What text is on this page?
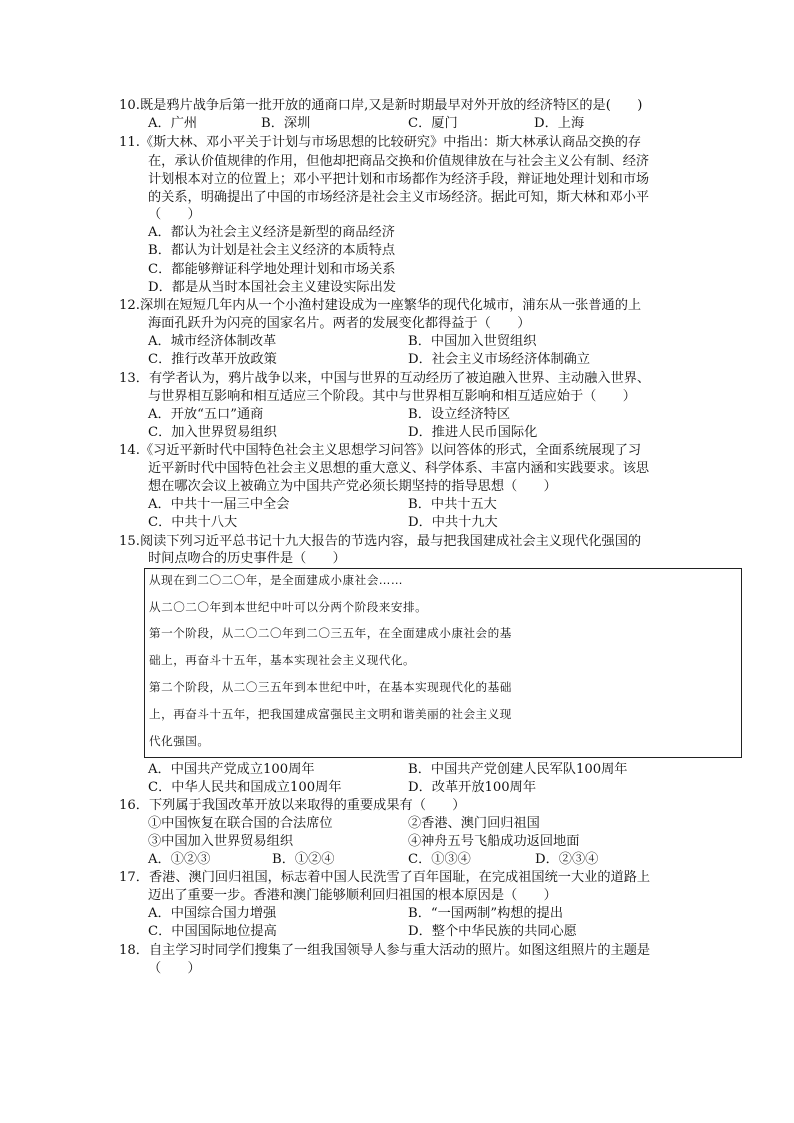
10.既是鸦片战争后第一批开放的通商口岸,又是新时期最早对外开放的经济特区的是(　　)
A．广州	B．深圳	C．厦门	D．上海
11.《斯大林、邓小平关于计划与市场思想的比较研究》中指出：斯大林承认商品交换的存
在，承认价值规律的作用，但他却把商品交换和价值规律放在与社会主义公有制、经济
计划根本对立的位置上；邓小平把计划和市场都作为经济手段，辩证地处理计划和市场
的关系，明确提出了中国的市场经济是社会主义市场经济。据此可知，斯大林和邓小平
（　　）
A．都认为社会主义经济是新型的商品经济
B．都认为计划是社会主义经济的本质特点
C．都能够辩证科学地处理计划和市场关系
D．都是从当时本国社会主义建设实际出发
12.深圳在短短几年内从一个小渔村建设成为一座繁华的现代化城市，浦东从一张普通的上
海面孔跃升为闪亮的国家名片。两者的发展变化都得益于（　　）
A．城市经济体制改革	B．中国加入世贸组织
C．推行改革开放政策	D．社会主义市场经济体制确立
13．有学者认为，鸦片战争以来，中国与世界的互动经历了被迫融入世界、主动融入世界、
与世界相互影响和相互适应三个阶段。其中与世界相互影响和相互适应始于（　　）
A．开放“五口”通商	B．设立经济特区
C．加入世界贸易组织	D．推进人民币国际化
14.《习近平新时代中国特色社会主义思想学习问答》以问答体的形式，全面系统展现了习
近平新时代中国特色社会主义思想的重大意义、科学体系、丰富内涵和实践要求。该思
想在哪次会议上被确立为中国共产党必须长期坚持的指导思想（　　）
A．中共十一届三中全会	B．中共十五大
C．中共十八大	D．中共十九大
15.阅读下列习近平总书记十九大报告的节选内容，最与把我国建成社会主义现代化强国的
时间点吻合的历史事件是（　　）
从现在到二〇二〇年，是全面建成小康社会……
从二〇二〇年到本世纪中叶可以分两个阶段来安排。
第一个阶段，从二〇二〇年到二〇三五年，在全面建成小康社会的基
础上，再奋斗十五年，基本实现社会主义现代化。
第二个阶段，从二〇三五年到本世纪中叶，在基本实现现代化的基础
上，再奋斗十五年，把我国建成富强民主文明和谐美丽的社会主义现
代化强国。
A．中国共产党成立100周年	B．中国共产党创建人民军队100周年
C．中华人民共和国成立100周年	D．改革开放100周年
16．下列属于我国改革开放以来取得的重要成果有（　　）
①中国恢复在联合国的合法席位	②香港、澳门回归祖国
③中国加入世界贸易组织	④神舟五号飞船成功返回地面
A．①②③	B．①②④	C．①③④	D．②③④
17．香港、澳门回归祖国，标志着中国人民洗雪了百年国耻，在完成祖国统一大业的道路上
迈出了重要一步。香港和澳门能够顺利回归祖国的根本原因是（　　）
A．中国综合国力增强	B．“一国两制”构想的提出
C．中国国际地位提高	D．整个中华民族的共同心愿
18．自主学习时同学们搜集了一组我国领导人参与重大活动的照片。如图这组照片的主题是
（　　）
